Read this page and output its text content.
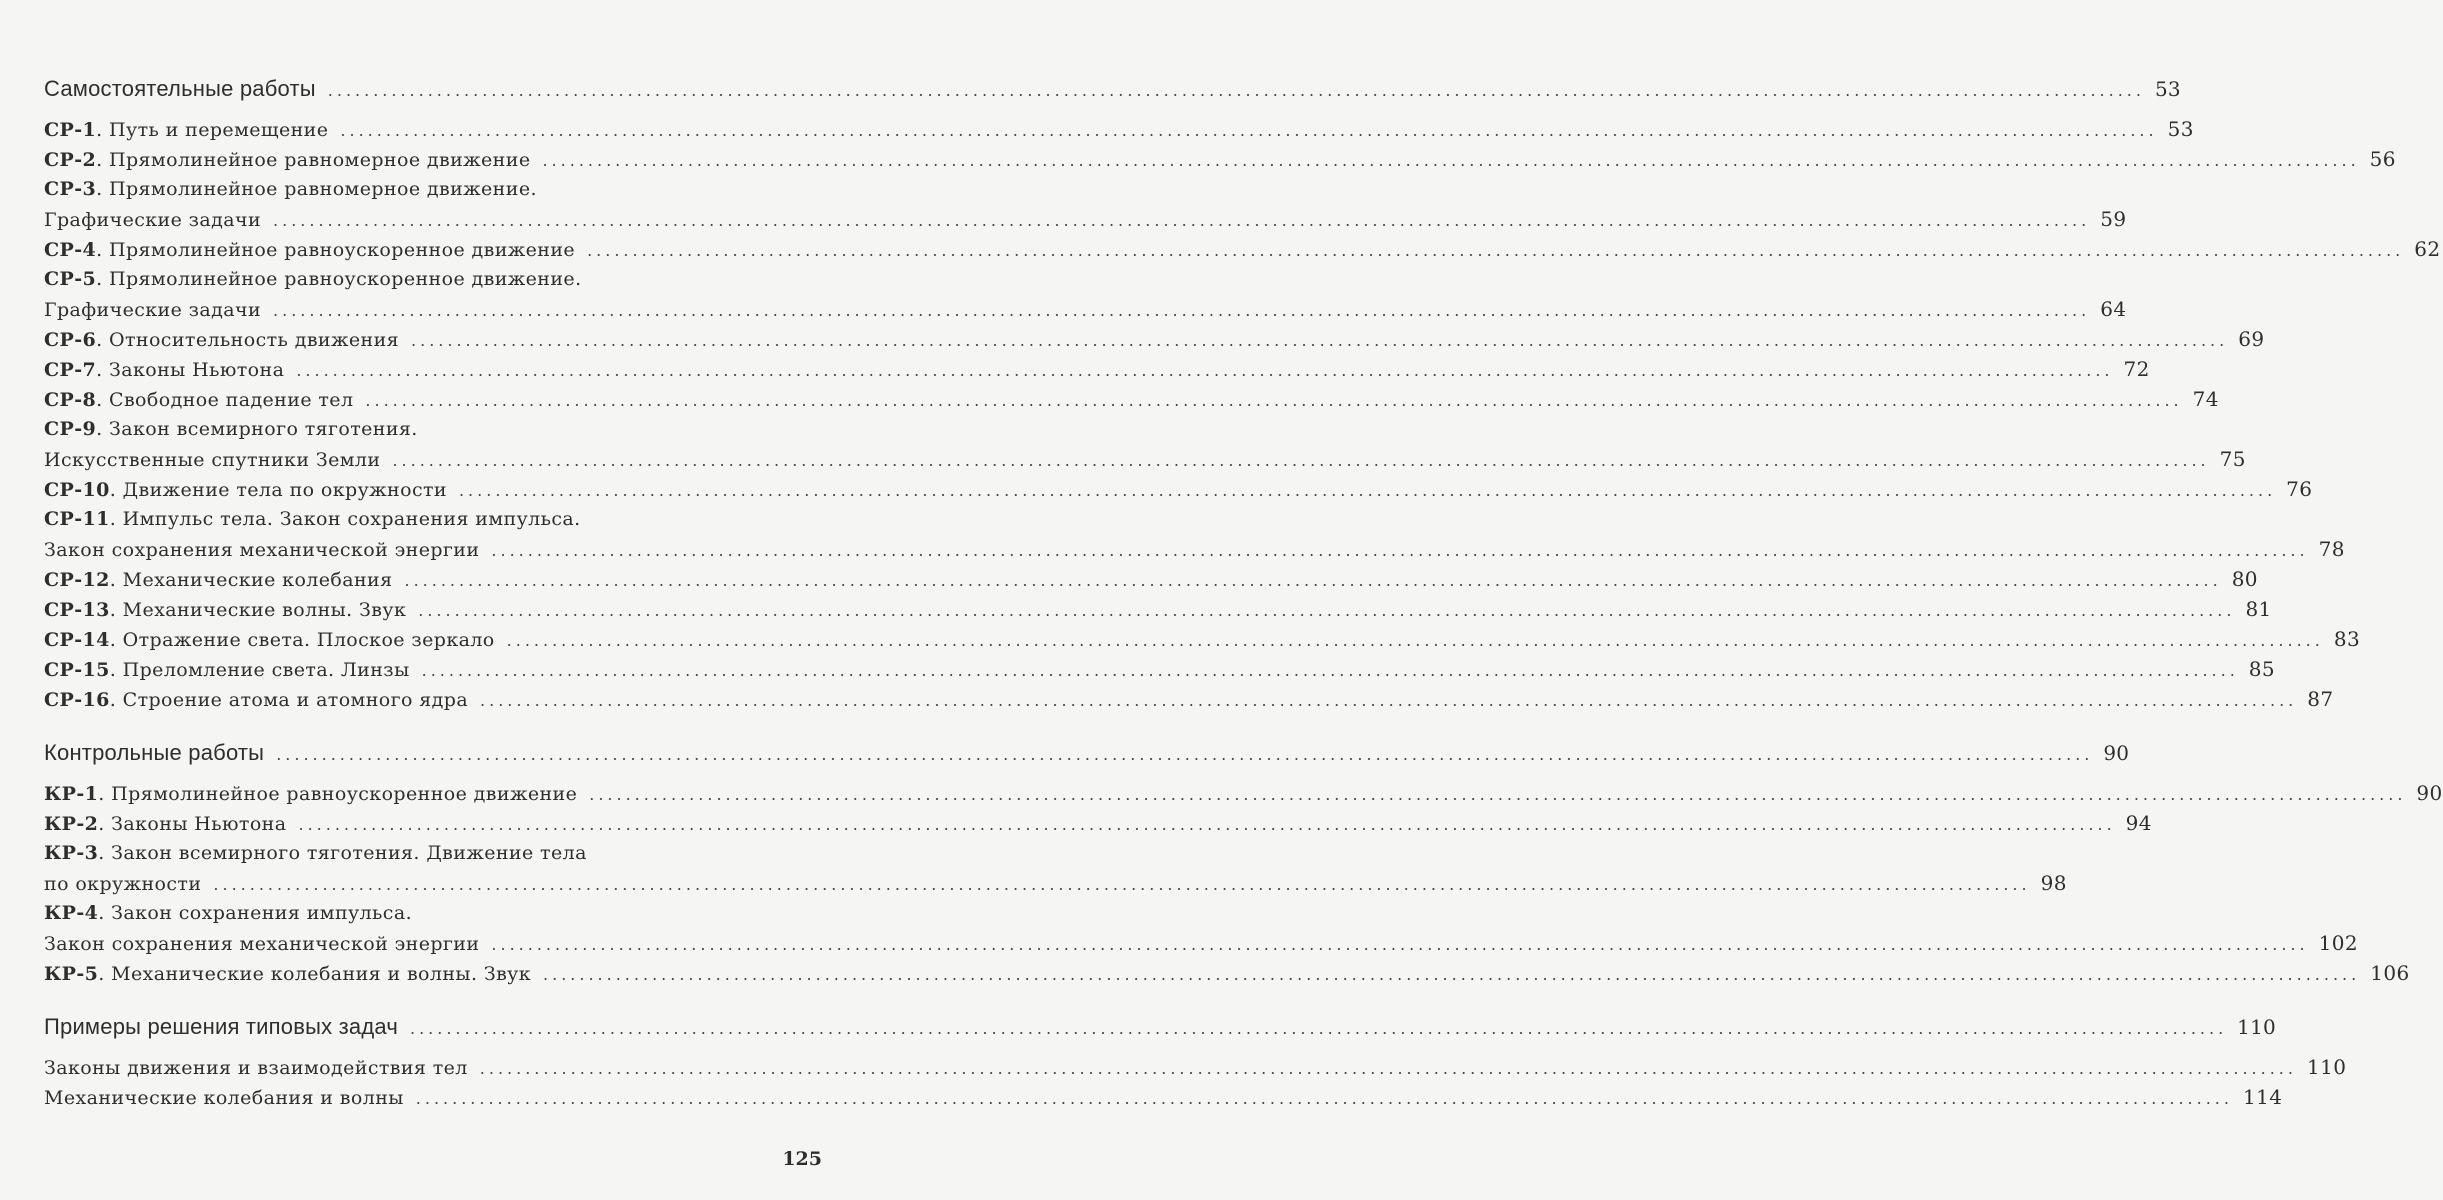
Самостоятельные работы ........................................................................................................................................................................................................ 53
СР-1 . Путь и перемещение ........................................................................................................................................................................................................ 53
СР-2 . Прямолинейное равномерное движение ........................................................................................................................................................................................................ 56
СР-3 . Прямолинейное равномерное движение.
Графические задачи ........................................................................................................................................................................................................ 59
СР-4 . Прямолинейное равноускоренное движение ........................................................................................................................................................................................................ 62
СР-5 . Прямолинейное равноускоренное движение.
Графические задачи ........................................................................................................................................................................................................ 64
СР-6 . Относительность движения ........................................................................................................................................................................................................ 69
СР-7 . Законы Ньютона ........................................................................................................................................................................................................ 72
СР-8 . Свободное падение тел ........................................................................................................................................................................................................ 74
СР-9 . Закон всемирного тяготения.
Искусственные спутники Земли ........................................................................................................................................................................................................ 75
СР-10 . Движение тела по окружности ........................................................................................................................................................................................................ 76
СР-11 . Импульс тела. Закон сохранения импульса.
Закон сохранения механической энергии ........................................................................................................................................................................................................ 78
СР-12 . Механические колебания ........................................................................................................................................................................................................ 80
СР-13 . Механические волны. Звук ........................................................................................................................................................................................................ 81
СР-14 . Отражение света. Плоское зеркало ........................................................................................................................................................................................................ 83
СР-15 . Преломление света. Линзы ........................................................................................................................................................................................................ 85
СР-16 . Строение атома и атомного ядра ........................................................................................................................................................................................................ 87
Контрольные работы ........................................................................................................................................................................................................ 90
КР-1 . Прямолинейное равноускоренное движение ........................................................................................................................................................................................................ 90
КР-2 . Законы Ньютона ........................................................................................................................................................................................................ 94
КР-3 . Закон всемирного тяготения. Движение тела
по окружности ........................................................................................................................................................................................................ 98
КР-4 . Закон сохранения импульса.
Закон сохранения механической энергии ........................................................................................................................................................................................................ 102
КР-5 . Механические колебания и волны. Звук ........................................................................................................................................................................................................ 106
Примеры решения типовых задач ........................................................................................................................................................................................................ 110
Законы движения и взаимодействия тел ........................................................................................................................................................................................................ 110
Механические колебания и волны ........................................................................................................................................................................................................ 114
125
